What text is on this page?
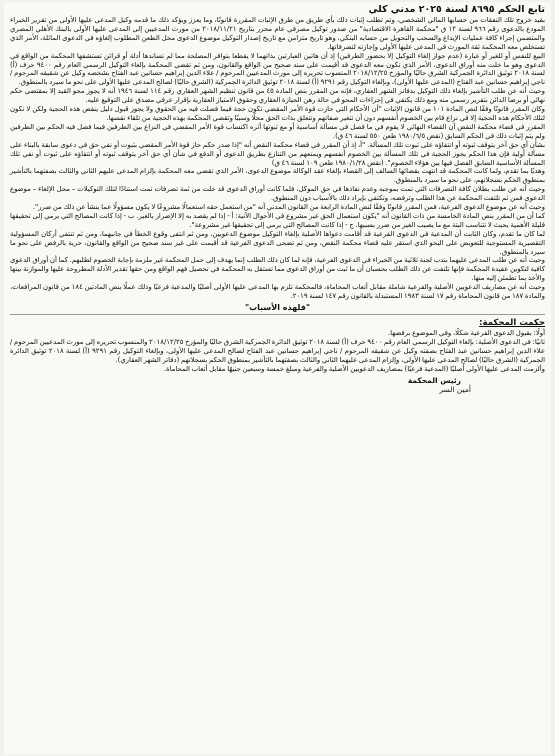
تابع الحكم ٨٦٩٥ لسنة ٢٠٢٥ مدني كلي

بقيد خروج تلك النفقات من حسابها المالي الشخصي، وتم تطلب إثبات ذلك بأي طريق من طرق الإثبات المقررة قانونًا، وما يعزز ويؤكد ذلك ما قدمه وكيل المدعى عليها الأولى من تقرير الخبراء المودع بالدعوى رقم ٩٦٦ لسنة ١٢ ق "محكمة القاهرة الاقتصادية" من صدور توكيل مصرفي عام محرر بتاريخ ٢٠١٨/١١/٢١ من مورث المدعيين إلى المدعى عليها الأولى بالبنك الأهلي المصري والمتضمن إجراء كافة عمليات الإيداع والسحب والتحويل من حسابه البنكي، وهو تاريخ متزامن مع تاريخ إصدار التوكيل موضوع الدعوى محل الطعن المطلوب إلغاؤه في الدعوى الماثلة، الأمر الذي تستخلص معه المحكمة ثقة المورث في المدعى عليها الأولى وإجازته لتصرفاتها.

البيع للنفس أو للغير أو عبارة (عدم جواز إلغاء التوكيل إلا بحضور الطرفين) إذ أن هاتين العبارتين بذاتهما لا يقطعا بتوافر المصلحة مما لم تساندها أدلة أو قرائن تستشفها المحكمة من الواقع في الدعوى وهو ما خلت منه أوراق الدعوى، الأمر الذي تكون معه الدعوى قد أقيمت على سند صحيح من الواقع والقانون، ومن ثم تقضي المحكمة بإلغاء التوكيل الرسمي العام رقم ٩٤٠٠ حرف (أ) لسنة ٢٠١٨ توثيق الدائرة الجمركية الشرق حاليًا والمؤرخ ٢٠١٨/١٢/٢٥ المنسوب تحريره إلى مورث المدعيين المرحوم / علاء الدين إبراهيم حسانين عبد الفتاح بشخصه وكيل عن شقيقه المرحوم / ناجي إبراهيم حسانين عبد الفتاح (المدعى عليها الأولى)، وبإلغاء التوكيل رقم ٩٢٩١ (أ) لسنة ٢٠١٨ توثيق الدائرة الجمركية (الشرق حاليًا) لصالح المدعى عليها الأولى على نحو ما سيرد بالمنطوق.

وحيث أنه عن طلب التأشير بإلغاء ذلك التوكيل بدفاتر الشهر العقاري، فإنه من المقرر بنص المادة ٤٥ من قانون تنظيم الشهر العقاري رقم ١١٤ لسنة ١٩٤٦ أنه لا يجوز محو القيد إلا بمقتضى حكم نهائي أو برضا الدائن بتقرير رسمي منه ومع ذلك يكتفي في إجراءات المحو في حالة رهن الحيازة العقاري وحقوق الامتياز العقارية بإقرار عرفي مصدق على التوقيع عليه.

وكان المقرر قانونًا وفقًا لنص المادة ١٠١ من قانون الإثبات "أن الأحكام التي حازت قوة الأمر المقضي تكون حجة فيما فصلت فيه من الحقوق ولا يجوز قبول دليل ينقض هذه الحجية ولكن لا تكون لتلك الأحكام هذه الحجية إلا في نزاع قام بين الخصوم أنفسهم دون أن تتغير صفاتهم وتتعلق بذات الحق محلًا وسببًا وتقضي المحكمة بهذه الحجية من تلقاء نفسها.

المقرر في قضاء محكمة النقض أن القضاء النهائي لا يقوم في ما فصل في مسألة أساسية أو مع ثبوتها أثره اكتساب قوة الأمر المقضي في النزاع بين الطرفين فيما فصل فيه الحكم بين الطرفين ولم يتم إثبات ذلك في الحكم السابق (نقض ١٩٨٠/٦/٥ طعن ٥٥٠ لسنة ٤٦ ق).

بشأن أي حق آخر يتوقف ثبوته أو انتفاؤه على ثبوت تلك المسألة. "أ، إذ أن المقرر في قضاء محكمة النقض أنه "إذا صدر حكم حاز قوة الأمر المقضي بثبوت أو نفي حق في دعوى سابقة بالبناء على مسألة أولية فإن هذا الحكم يحوز الحجية في تلك المسألة بين الخصوم أنفسهم ويمنعهم من التنازع بطريق الدعوى أو الدفع في شأن أي حق آخر يتوقف ثبوته أو انتفاؤه على ثبوت أو نفي تلك المسألة الأساسية السابق الفصل فيها بين هؤلاء الخصوم". (نقض ١٩٨٠/١/٢٨ طعن ١٠٩ لسنة ٤٦ ق)

وهديًا بما تقدم، ولما كانت المحكمة قد انتهت بقضائها السالف إلى القضاء بإلغاء عقد الوكالة موضوع الدعوى، الأمر الذي تقضي معه المحكمة بإلزام المدعى عليهم الثاني والثالث بصفتهما بالتأشير بمنطوق الحكم بسجلاتهم، على نحو ما سيرد بالمنطوق.

وحيث أنه عن طلب بطلان كافة التصرفات التي تمت بموجبه وعدم نفاذها في حق الموكل، فلما كانت أوراق الدعوى قد خلت من ثمة تصرفات تمت استنادًا لتلك التوكيلات – محل الإلغاء – موضوع الدعوى فمن ثم تلتفت المحكمة عن هذا الطلب وترفضه، وتكتفي بإيراد ذلك بالأسباب دون المنطوق.

وحيث أنه عن موضوع الدعوى الفرعية، فمن المقرر قانونًا وفقًا لنص المادة الرابعة من القانون المدني أنه "من استعمل حقه استعمالًا مشروعًا لا يكون مسؤولًا عما ينشأ عن ذلك من ضرر".

كما أن من المقرر بنص المادة الخامسة من ذات القانون أنه "يكون استعمال الحق غير مشروع في الأحوال الآتية: أ - إذا لم يقصد به إلا الإضرار بالغير. ب - إذا كانت المصالح التي يرمي إلى تحقيقها قليلة الأهمية بحيث لا تتناسب البتة مع ما يصيب الغير من ضرر بسببها. ج - إذا كانت المصالح التي يرمي إلى تحقيقها غير مشروعة".

لما كان ما تقدم، وكان الثابت أن المدعية في الدعوى الفرعية قد أقامت دعواها الأصلية بإلغاء التوكيل موضوع الدعويين، ومن ثم انتفى وقوع الخطأ في جانبهما، ومن ثم تنتفي أركان المسؤولية التقصيرية المستوجبة للتعويض على النحو الذي استقر عليه قضاء محكمة النقض، ومن ثم تضحى الدعوى الفرعية قد أقيمت على غير سند صحيح من الواقع والقانون، حرية بالرفض على نحو ما سيرد بالمنطوق.

وحيث أنه عن طلب المدعى عليهما بندب لجنة ثلاثية من الخبراء في الدعوى الفرعية، فإنه لما كان ذلك الطلب إنما يهدف إلى حمل المحكمة غير ملزمة بإجابة الخصوم لطلبهم. كما أن أوراق الدعوى كافية لتكوين عقيدة المحكمة فإنها تلتفت عن ذلك الطلب بحسبان أن ما ثبت من أوراق الدعوى مما تستقل به المحكمة في تحصيل فهم الواقع ومن حقها تقدير الأدلة المطروحة عليها والموازنة بينها والأخذ بما تطمئن إليه منها.

وحيث أنه عن مصاريف الدعويين الأصلية والفرعية شاملة مقابل أتعاب المحاماة، فالمحكمة تلزم بها المدعى عليها الأولى أصليًا والمدعية فرعيًا وذلك عملًا بنص المادتين ١٨٤ من قانون المرافعات، والمادة ١٨٧ من قانون المحاماة رقم ١٧ لسنة ١٩٨٣ المستبدلة بالقانون رقم ١٤٧ لسنة ٢٠١٩.

"فلهذه الأسباب"
حكمت المحكمة:

أولًا: بقبول الدعوى الفرعية شكلًا، وفي الموضوع برفضها.

ثانيًا: في الدعوى الأصلية: بإلغاء التوكيل الرسمي العام رقم ٩٤٠٠ حرف (أ) لسنة ٢٠١٨ توثيق الدائرة الجمركية الشرق حاليًا والمؤرخ ٢٠١٨/١٢/٢٥ والمنسوب تحريره إلى مورث المدعيين المرحوم / علاء الدين إبراهيم حسانين عبد الفتاح بصفته وكيل عن شقيقه المرحوم / ناجي إبراهيم حسانين عبد الفتاح لصالح المدعى عليها الأولى، وبإلغاء التوكيل رقم ٩٢٩١ (أ) لسنة ٢٠١٨ توثيق الدائرة الجمركية (الشرق حاليًا) لصالح المدعى عليها الأولى، وإلزام المدعى عليهما الثاني والثالث بصفتهما بالتأشير بمنطوق الحكم بسجلاتهم (دفاتر الشهر العقاري).

وألزمت المدعى عليها الأولى أصليًا (المدعية فرعيًا) بمصاريف الدعويين الأصلية والفرعية ومبلغ خمسة وسبعين جنيهًا مقابل أتعاب المحاماة.

رئيس المحكمة
أمين السر
